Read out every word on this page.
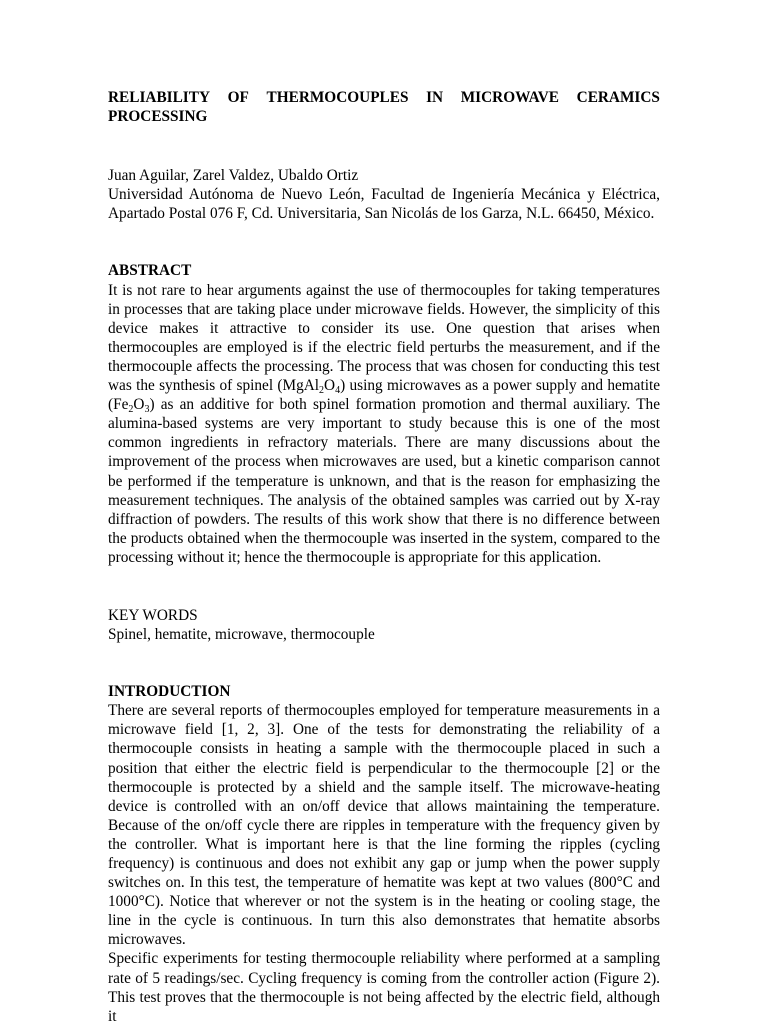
RELIABILITY OF THERMOCOUPLES IN MICROWAVE CERAMICS
PROCESSING
Juan Aguilar, Zarel Valdez, Ubaldo Ortiz
Universidad Autónoma de Nuevo León, Facultad de Ingeniería Mecánica y Eléctrica, Apartado Postal 076 F, Cd. Universitaria, San Nicolás de los Garza, N.L. 66450, México.
ABSTRACT

It is not rare to hear arguments against the use of thermocouples for taking temperatures in processes that are taking place under microwave fields. However, the simplicity of this device makes it attractive to consider its use. One question that arises when thermocouples are employed is if the electric field perturbs the measurement, and if the thermocouple affects the processing. The process that was chosen for conducting this test was the synthesis of spinel $(MgAl_2O_4)$ using microwaves as a power supply and hematite $(Fe_2O_3)$ as an additive for both spinel formation promotion and thermal auxiliary. The alumina-based systems are very important to study because this is one of the most common ingredients in refractory materials. There are many discussions about the improvement of the process when microwaves are used, but a kinetic comparison cannot be performed if the temperature is unknown, and that is the reason for emphasizing the measurement techniques. The analysis of the obtained samples was carried out by X-ray diffraction of powders. The results of this work show that there is no difference between the products obtained when the thermocouple was inserted in the system, compared to the processing without it; hence the thermocouple is appropriate for this application.

KEY WORDS
Spinel, hematite, microwave, thermocouple
INTRODUCTION

There are several reports of thermocouples employed for temperature measurements in a microwave field [1, 2, 3]. One of the tests for demonstrating the reliability of a thermocouple consists in heating a sample with the thermocouple placed in such a position that either the electric field is perpendicular to the thermocouple [2] or the thermocouple is protected by a shield and the sample itself. The microwave-heating device is controlled with an on/off device that allows maintaining the temperature. Because of the on/off cycle there are ripples in temperature with the frequency given by the controller. What is important here is that the line forming the ripples (cycling frequency) is continuous and does not exhibit any gap or jump when the power supply switches on. In this test, the temperature of hematite was kept at two values (800°C and 1000°C). Notice that wherever or not the system is in the heating or cooling stage, the line in the cycle is continuous. In turn this also demonstrates that hematite absorbs microwaves.

Specific experiments for testing thermocouple reliability where performed at a sampling rate of 5 readings/sec. Cycling frequency is coming from the controller action (Figure 2). This test proves that the thermocouple is not being affected by the electric field, although it
